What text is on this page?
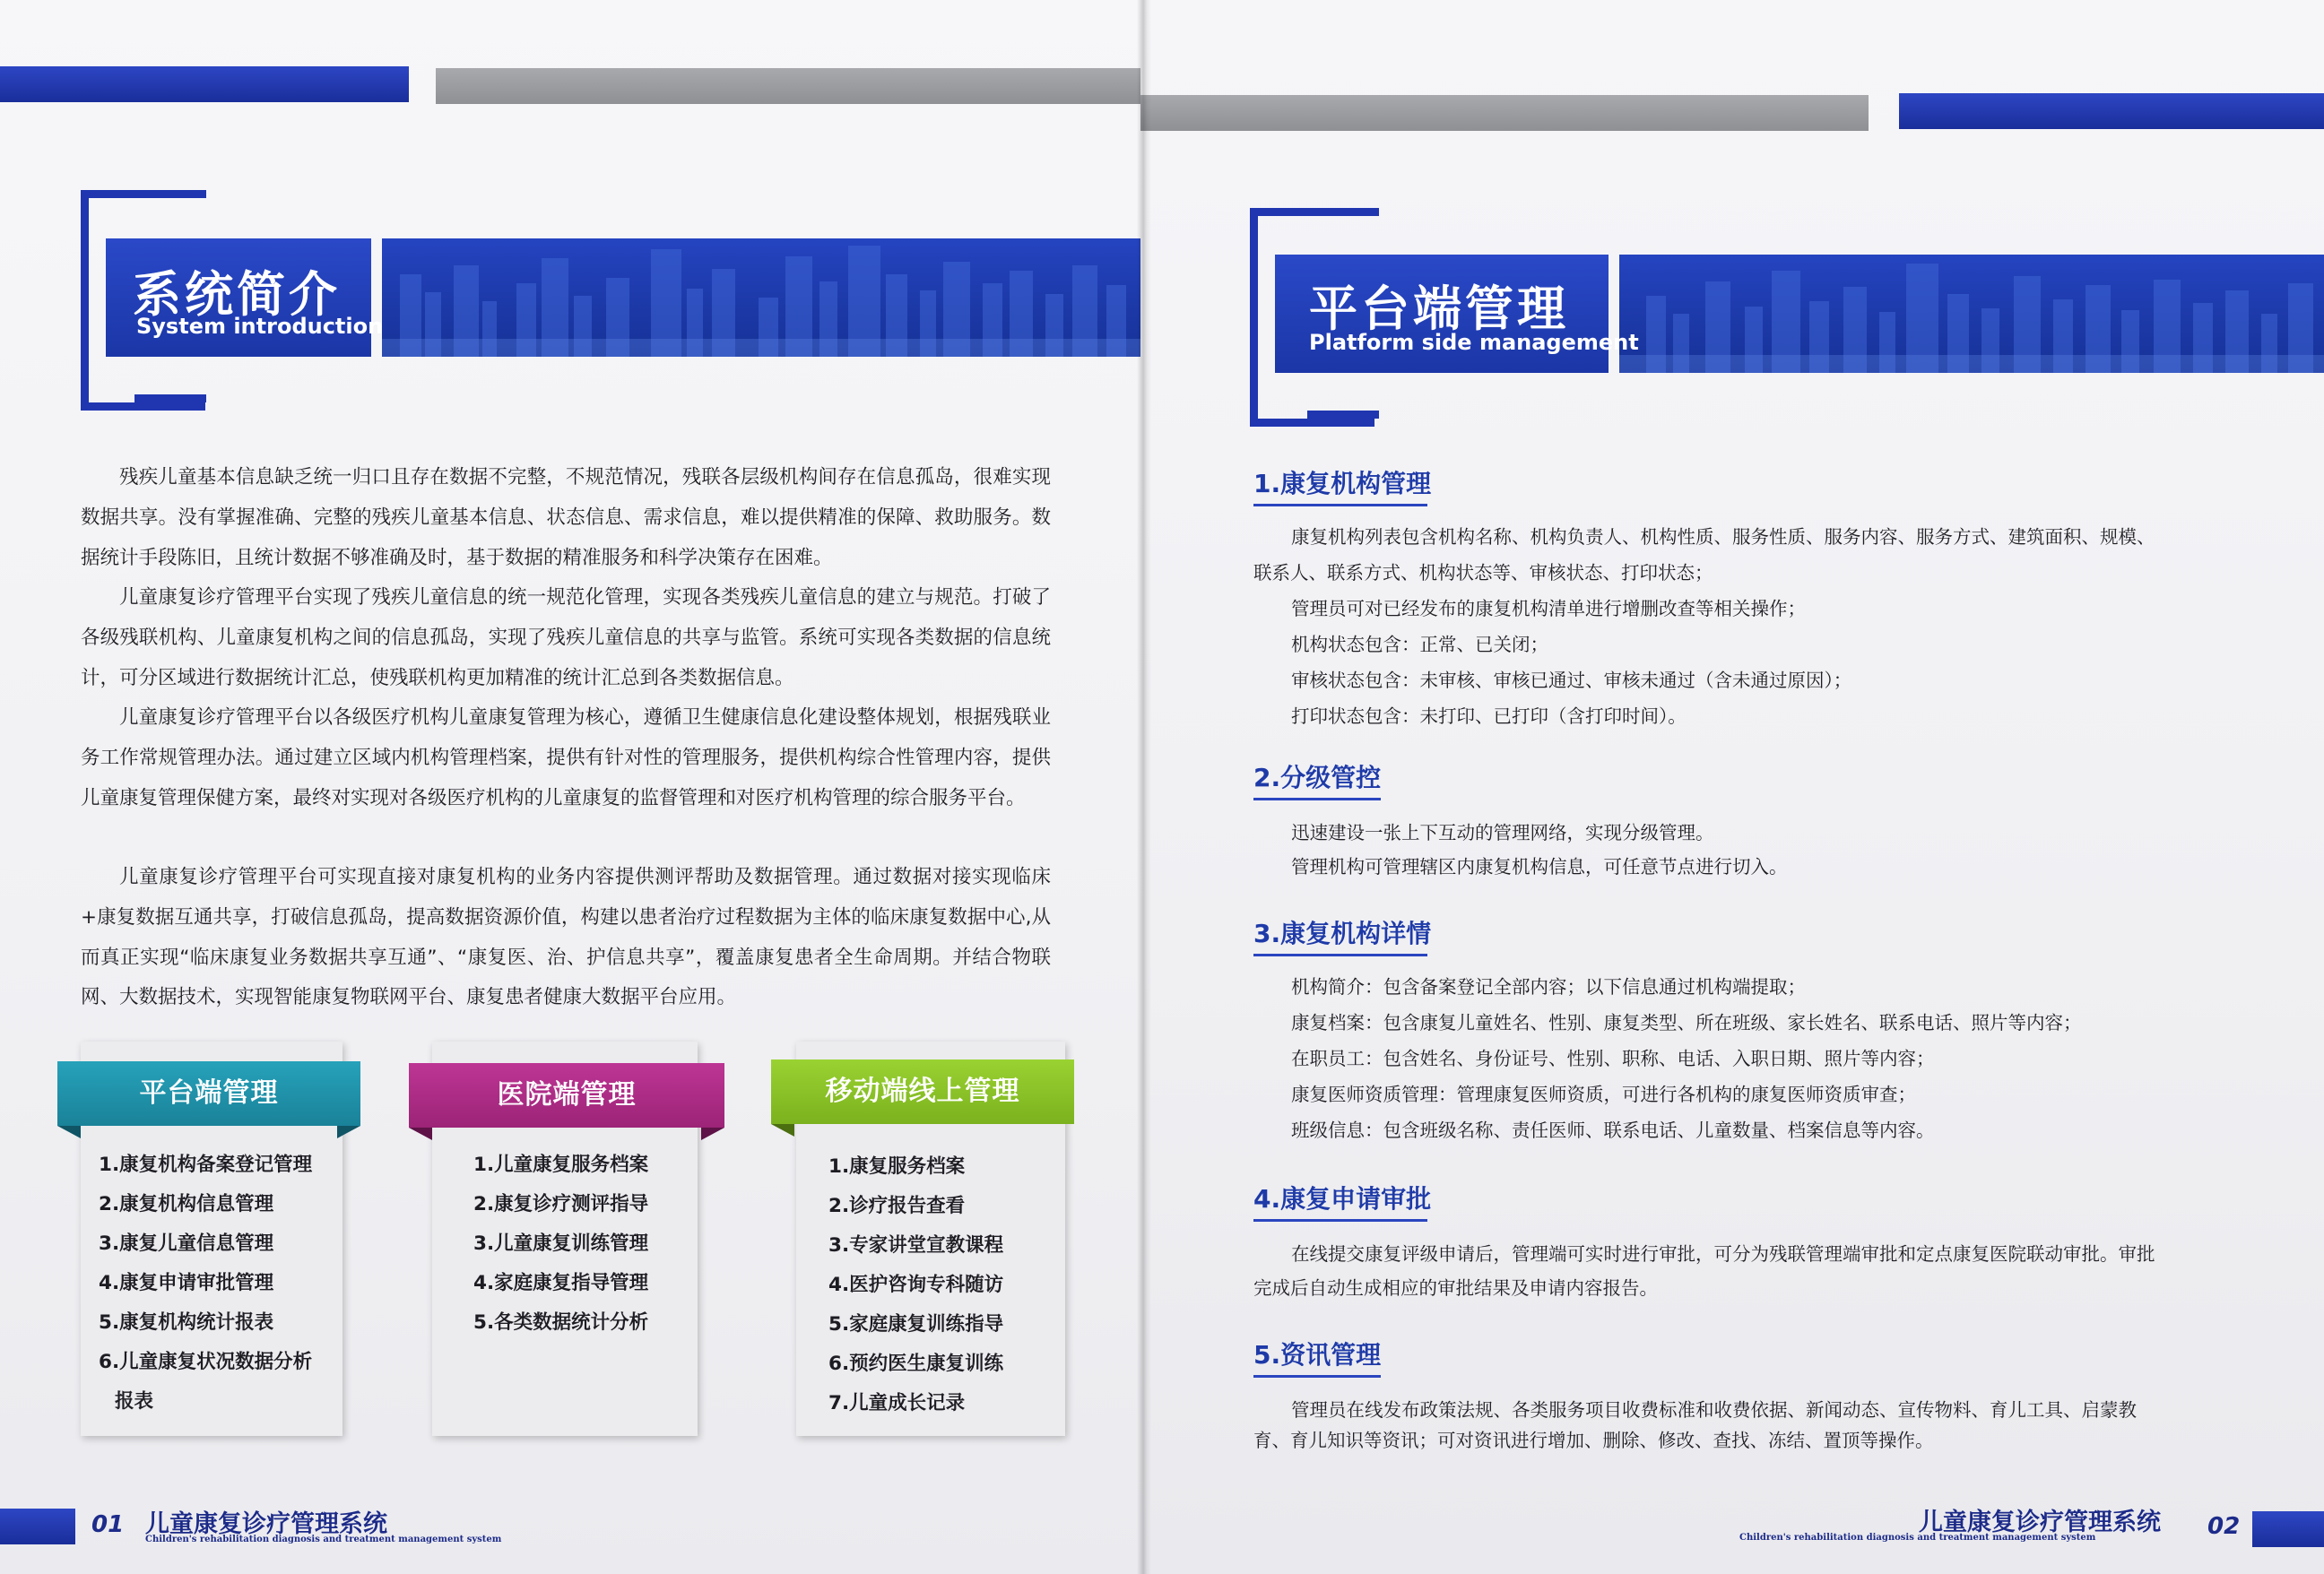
系统简介
System introduction

残疾儿童基本信息缺乏统一归口且存在数据不完整，不规范情况，残联各层级机构间存在信息孤岛，很难实现数据共享。没有掌握准确、完整的残疾儿童基本信息、状态信息、需求信息，难以提供精准的保障、救助服务。数据统计手段陈旧，且统计数据不够准确及时，基于数据的精准服务和科学决策存在困难。

儿童康复诊疗管理平台实现了残疾儿童信息的统一规范化管理，实现各类残疾儿童信息的建立与规范。打破了各级残联机构、儿童康复机构之间的信息孤岛，实现了残疾儿童信息的共享与监管。系统可实现各类数据的信息统计，可分区域进行数据统计汇总，使残联机构更加精准的统计汇总到各类数据信息。

儿童康复诊疗管理平台以各级医疗机构儿童康复管理为核心，遵循卫生健康信息化建设整体规划，根据残联业务工作常规管理办法。通过建立区域内机构管理档案，提供有针对性的管理服务，提供机构综合性管理内容，提供儿童康复管理保健方案，最终对实现对各级医疗机构的儿童康复的监督管理和对医疗机构管理的综合服务平台。

儿童康复诊疗管理平台可实现直接对康复机构的业务内容提供测评帮助及数据管理。通过数据对接实现临床+康复数据互通共享，打破信息孤岛，提高数据资源价值，构建以患者治疗过程数据为主体的临床康复数据中心,从而真正实现“临床康复业务数据共享互通”、“康复医、治、护信息共享”，覆盖康复患者全生命周期。并结合物联网、大数据技术，实现智能康复物联网平台、康复患者健康大数据平台应用。

1.康复机构备案登记管理
2.康复机构信息管理
3.康复儿童信息管理
4.康复申请审批管理
5.康复机构统计报表
6.儿童康复状况数据分析
报表
平台端管理
1.儿童康复服务档案
2.康复诊疗测评指导
3.儿童康复训练管理
4.家庭康复指导管理
5.各类数据统计分析
医院端管理
1.康复服务档案
2.诊疗报告查看
3.专家讲堂宣教课程
4.医护咨询专科随访
5.家庭康复训练指导
6.预约医生康复训练
7.儿童成长记录
移动端线上管理
01 儿童康复诊疗管理系统
Children's rehabilitation diagnosis and treatment management system
平台端管理
Platform side management
1.康复机构管理
康复机构列表包含机构名称、机构负责人、机构性质、服务性质、服务内容、服务方式、建筑面积、规模、
联系人、联系方式、机构状态等、审核状态、打印状态；
管理员可对已经发布的康复机构清单进行增删改查等相关操作；
机构状态包含：正常、已关闭；
审核状态包含：未审核、审核已通过、审核未通过（含未通过原因）；
打印状态包含：未打印、已打印（含打印时间）。
2.分级管控
迅速建设一张上下互动的管理网络，实现分级管理。
管理机构可管理辖区内康复机构信息，可任意节点进行切入。
3.康复机构详情
机构简介：包含备案登记全部内容；以下信息通过机构端提取；
康复档案：包含康复儿童姓名、性别、康复类型、所在班级、家长姓名、联系电话、照片等内容；
在职员工：包含姓名、身份证号、性别、职称、电话、入职日期、照片等内容；
康复医师资质管理：管理康复医师资质，可进行各机构的康复医师资质审查；
班级信息：包含班级名称、责任医师、联系电话、儿童数量、档案信息等内容。
4.康复申请审批
在线提交康复评级申请后，管理端可实时进行审批，可分为残联管理端审批和定点康复医院联动审批。审批
完成后自动生成相应的审批结果及申请内容报告。
5.资讯管理
管理员在线发布政策法规、各类服务项目收费标准和收费依据、新闻动态、宣传物料、育儿工具、启蒙教
育、育儿知识等资讯；可对资讯进行增加、删除、修改、查找、冻结、置顶等操作。
儿童康复诊疗管理系统
Children's rehabilitation diagnosis and treatment management system	02
